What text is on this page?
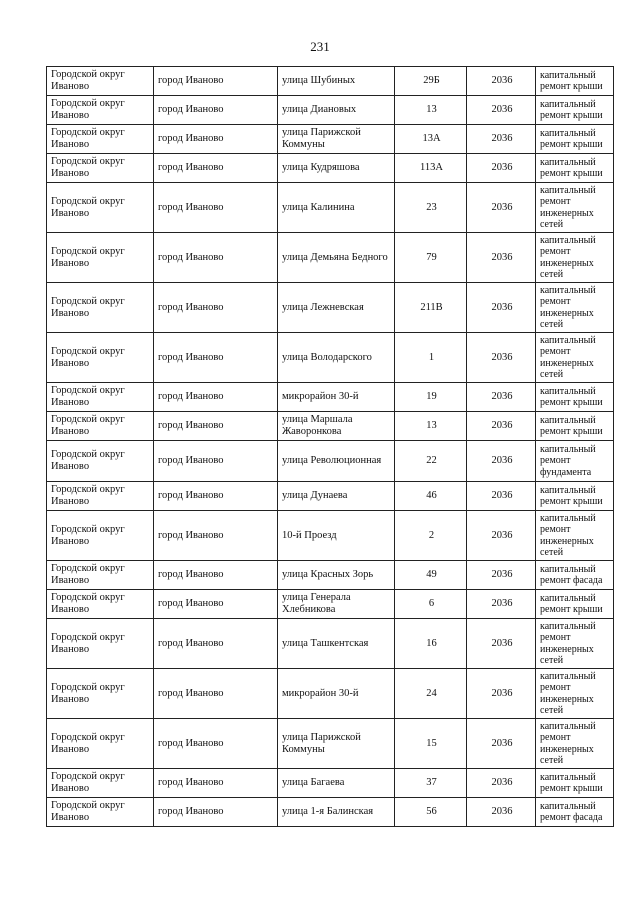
231
Городской округ Иваново	город Иваново	улица Шубиных	29Б	2036	капитальный ремонт крыши
Городской округ Иваново	город Иваново	улица Диановых	13	2036	капитальный ремонт крыши
Городской округ Иваново	город Иваново	улица Парижской Коммуны	13А	2036	капитальный ремонт крыши
Городской округ Иваново	город Иваново	улица Кудряшова	113А	2036	капитальный ремонт крыши
Городской округ Иваново	город Иваново	улица Калинина	23	2036	капитальный ремонт инженерных сетей
Городской округ Иваново	город Иваново	улица Демьяна Бедного	79	2036	капитальный ремонт инженерных сетей
Городской округ Иваново	город Иваново	улица Лежневская	211В	2036	капитальный ремонт инженерных сетей
Городской округ Иваново	город Иваново	улица Володарского	1	2036	капитальный ремонт инженерных сетей
Городской округ Иваново	город Иваново	микрорайон 30-й	19	2036	капитальный ремонт крыши
Городской округ Иваново	город Иваново	улица Маршала Жаворонкова	13	2036	капитальный ремонт крыши
Городской округ Иваново	город Иваново	улица Революционная	22	2036	капитальный ремонт фундамента
Городской округ Иваново	город Иваново	улица Дунаева	46	2036	капитальный ремонт крыши
Городской округ Иваново	город Иваново	10-й Проезд	2	2036	капитальный ремонт инженерных сетей
Городской округ Иваново	город Иваново	улица Красных Зорь	49	2036	капитальный ремонт фасада
Городской округ Иваново	город Иваново	улица Генерала Хлебникова	6	2036	капитальный ремонт крыши
Городской округ Иваново	город Иваново	улица Ташкентская	16	2036	капитальный ремонт инженерных сетей
Городской округ Иваново	город Иваново	микрорайон 30-й	24	2036	капитальный ремонт инженерных сетей
Городской округ Иваново	город Иваново	улица Парижской Коммуны	15	2036	капитальный ремонт инженерных сетей
Городской округ Иваново	город Иваново	улица Багаева	37	2036	капитальный ремонт крыши
Городской округ Иваново	город Иваново	улица 1-я Балинская	56	2036	капитальный ремонт фасада
